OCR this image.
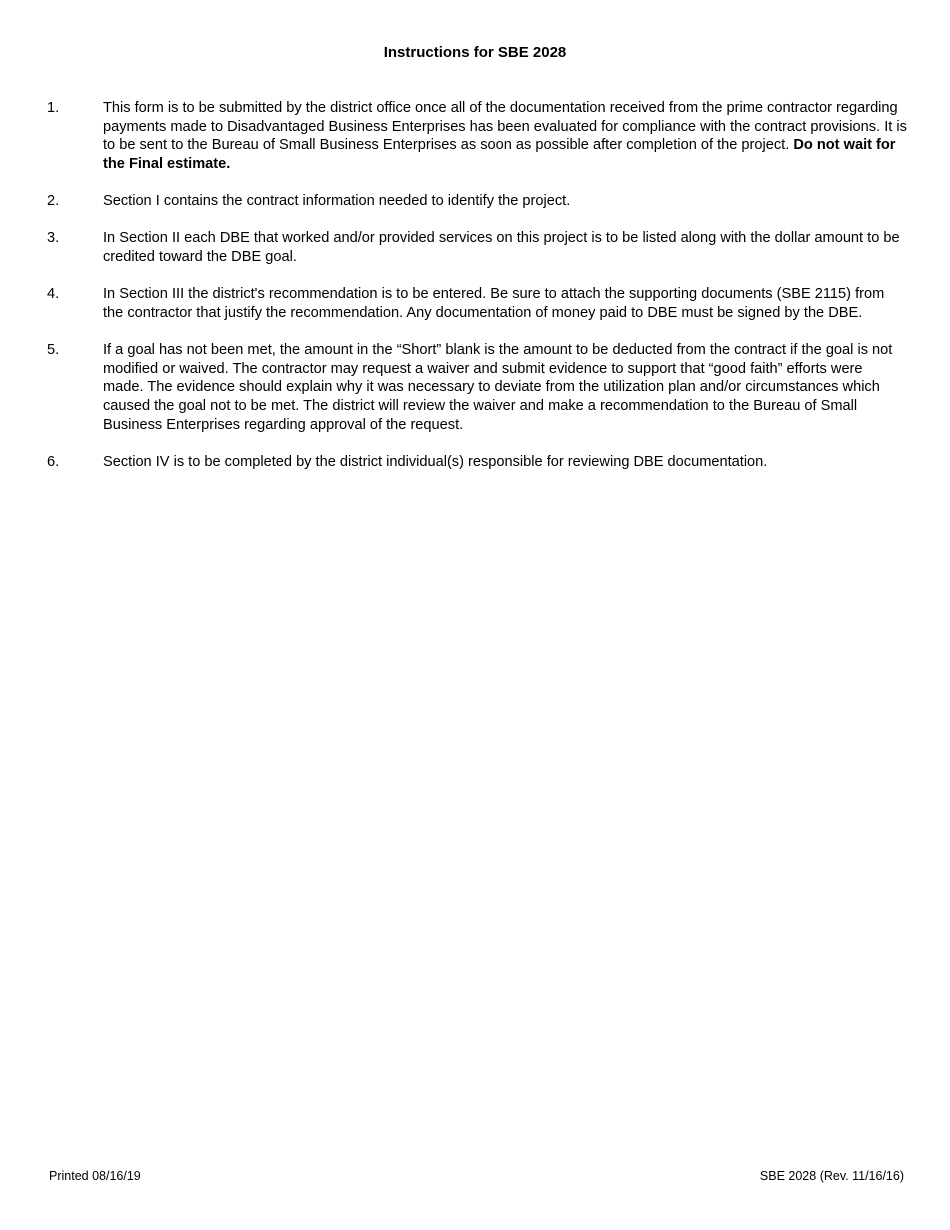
Instructions for SBE 2028
1.	This form is to be submitted by the district office once all of the documentation received from the prime contractor regarding payments made to Disadvantaged Business Enterprises has been evaluated for compliance with the contract provisions. It is to be sent to the Bureau of Small Business Enterprises as soon as possible after completion of the project. Do not wait for the Final estimate.
2.	Section I contains the contract information needed to identify the project.
3.	In Section II each DBE that worked and/or provided services on this project is to be listed along with the dollar amount to be credited toward the DBE goal.
4.	In Section III the district's recommendation is to be entered. Be sure to attach the supporting documents (SBE 2115) from the contractor that justify the recommendation. Any documentation of money paid to DBE must be signed by the DBE.
5.	If a goal has not been met, the amount in the “Short” blank is the amount to be deducted from the contract if the goal is not modified or waived. The contractor may request a waiver and submit evidence to support that “good faith” efforts were made. The evidence should explain why it was necessary to deviate from the utilization plan and/or circumstances which caused the goal not to be met. The district will review the waiver and make a recommendation to the Bureau of Small Business Enterprises regarding approval of the request.
6.	Section IV is to be completed by the district individual(s) responsible for reviewing DBE documentation.
Printed 08/16/19	SBE 2028 (Rev. 11/16/16)
